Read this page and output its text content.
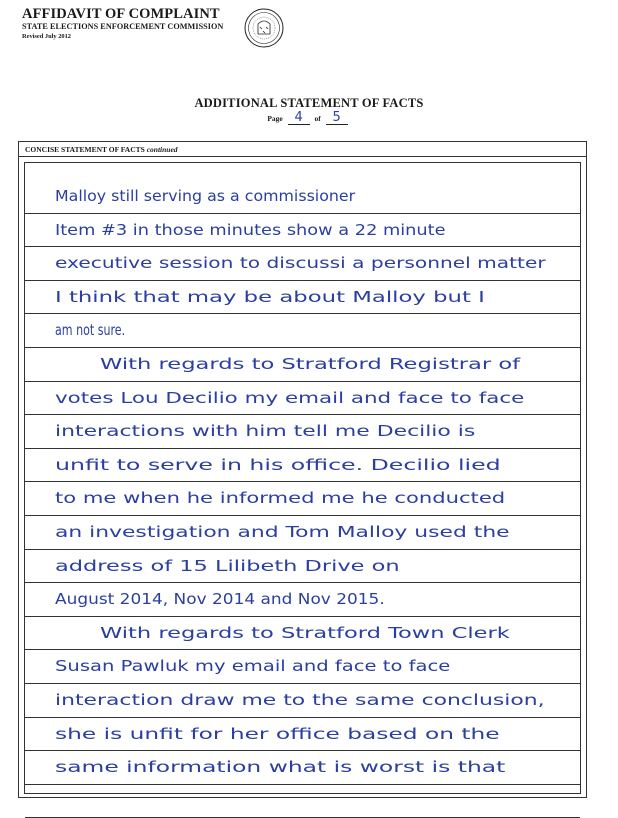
AFFIDAVIT OF COMPLAINT
STATE ELECTIONS ENFORCEMENT COMMISSION
Revised July 2012
ADDITIONAL STATEMENT OF FACTS
Page 4 of 5
CONCISE STATEMENT OF FACTS continued
Malloy still serving as a commissioner
Item #3 in those minutes show a 22 minute
executive session to discussi a personnel matter
I think that may be about Malloy but I
am not sure.
With regards to Stratford Registrar of
votes Lou Decilio my email and face to face
interactions with him tell me Decilio is
unfit to serve in his office. Decilio lied
to me when he informed me he conducted
an investigation and Tom Malloy used the
address of 15 Lilibeth Drive on
August 2014, Nov 2014 and Nov 2015.
With regards to Stratford Town Clerk
Susan Pawluk my email and face to face
interaction draw me to the same conclusion,
she is unfit for her office based on the
same information what is worst is that
